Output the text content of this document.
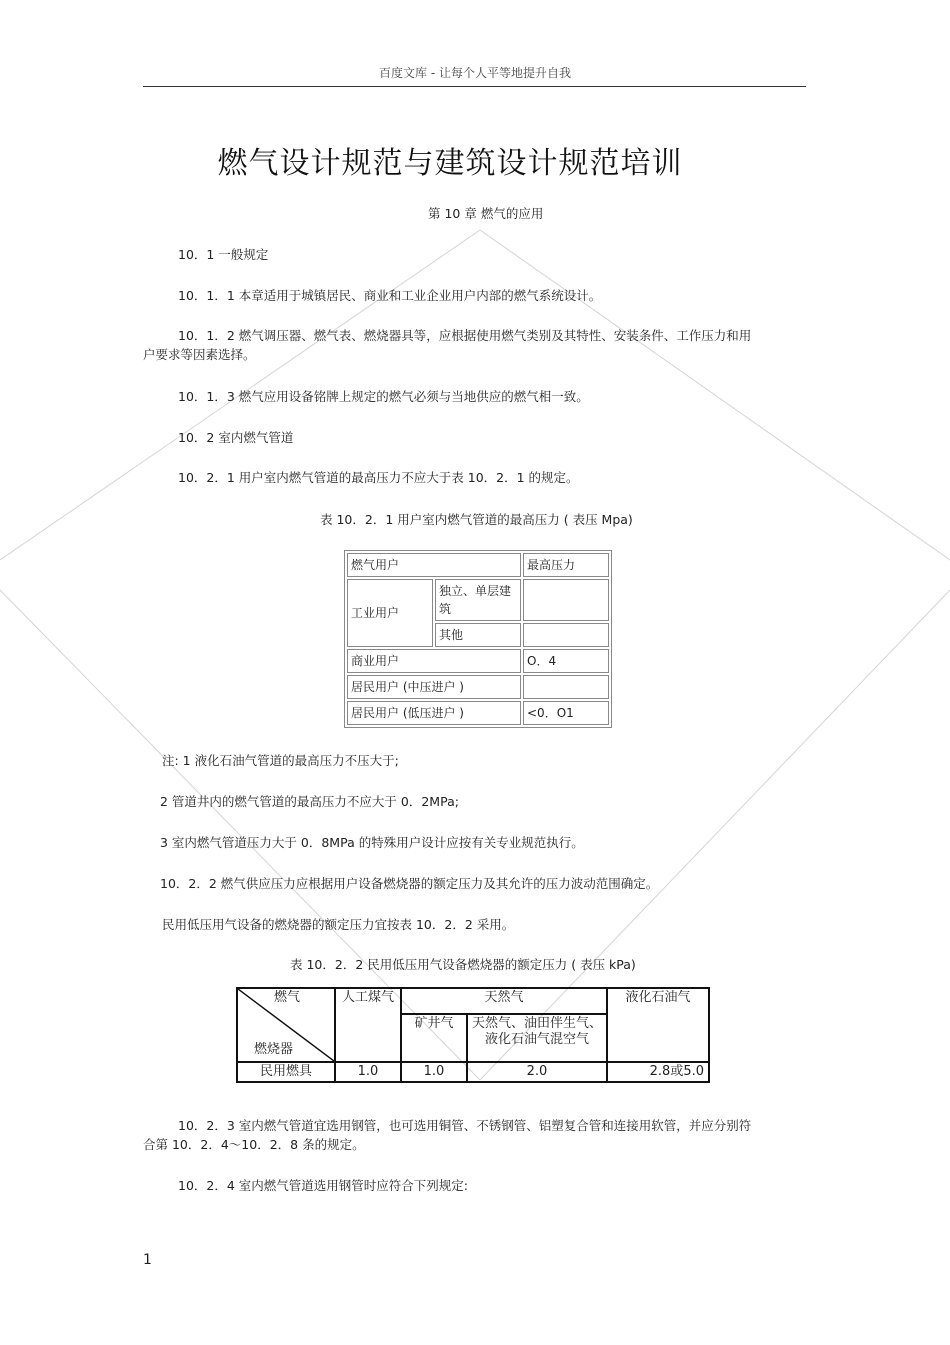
百度文库 - 让每个人平等地提升自我
燃气设计规范与建筑设计规范培训
第 10 章 燃气的应用
10．1 一般规定
10．1．1 本章适用于城镇居民、商业和工业企业用户内部的燃气系统设计。
10．1．2 燃气调压器、燃气表、燃烧器具等，应根据使用燃气类别及其特性、安装条件、工作压力和用户要求等因素选择。
10．1．3 燃气应用设备铭牌上规定的燃气必须与当地供应的燃气相一致。
10．2 室内燃气管道
10．2．1 用户室内燃气管道的最高压力不应大于表 10．2．1 的规定。
表 10．2．1 用户室内燃气管道的最高压力 ( 表压 Mpa)
燃气用户		最高压力
工业用户	独立、单层建筑	
	其他	
商业用户		O．4
居民用户 (中压进户 )		
居民用户 (低压进户 )		<0．O1
注: 1 液化石油气管道的最高压力不压大于;
2 管道井内的燃气管道的最高压力不应大于 0．2MPa;
3 室内燃气管道压力大于 0．8MPa 的特殊用户设计应按有关专业规范执行。
10．2．2 燃气供应压力应根据用户设备燃烧器的额定压力及其允许的压力波动范围确定。
民用低压用气设备的燃烧器的额定压力宜按表 10．2．2 采用。
表 10．2．2 民用低压用气设备燃烧器的额定压力 ( 表压 kPa)
燃气
燃烧器	人工煤气	天然气		液化石油气
		矿井气	天然气、油田伴生气、液化石油气混空气	
民用燃具	1.0	1.0	2.0	2.8或5.0
10．2．3 室内燃气管道宜选用钢管，也可选用铜管、不锈钢管、铝塑复合管和连接用软管，并应分别符合第 10．2．4～10．2．8 条的规定。
10．2．4 室内燃气管道选用钢管时应符合下列规定:
1
